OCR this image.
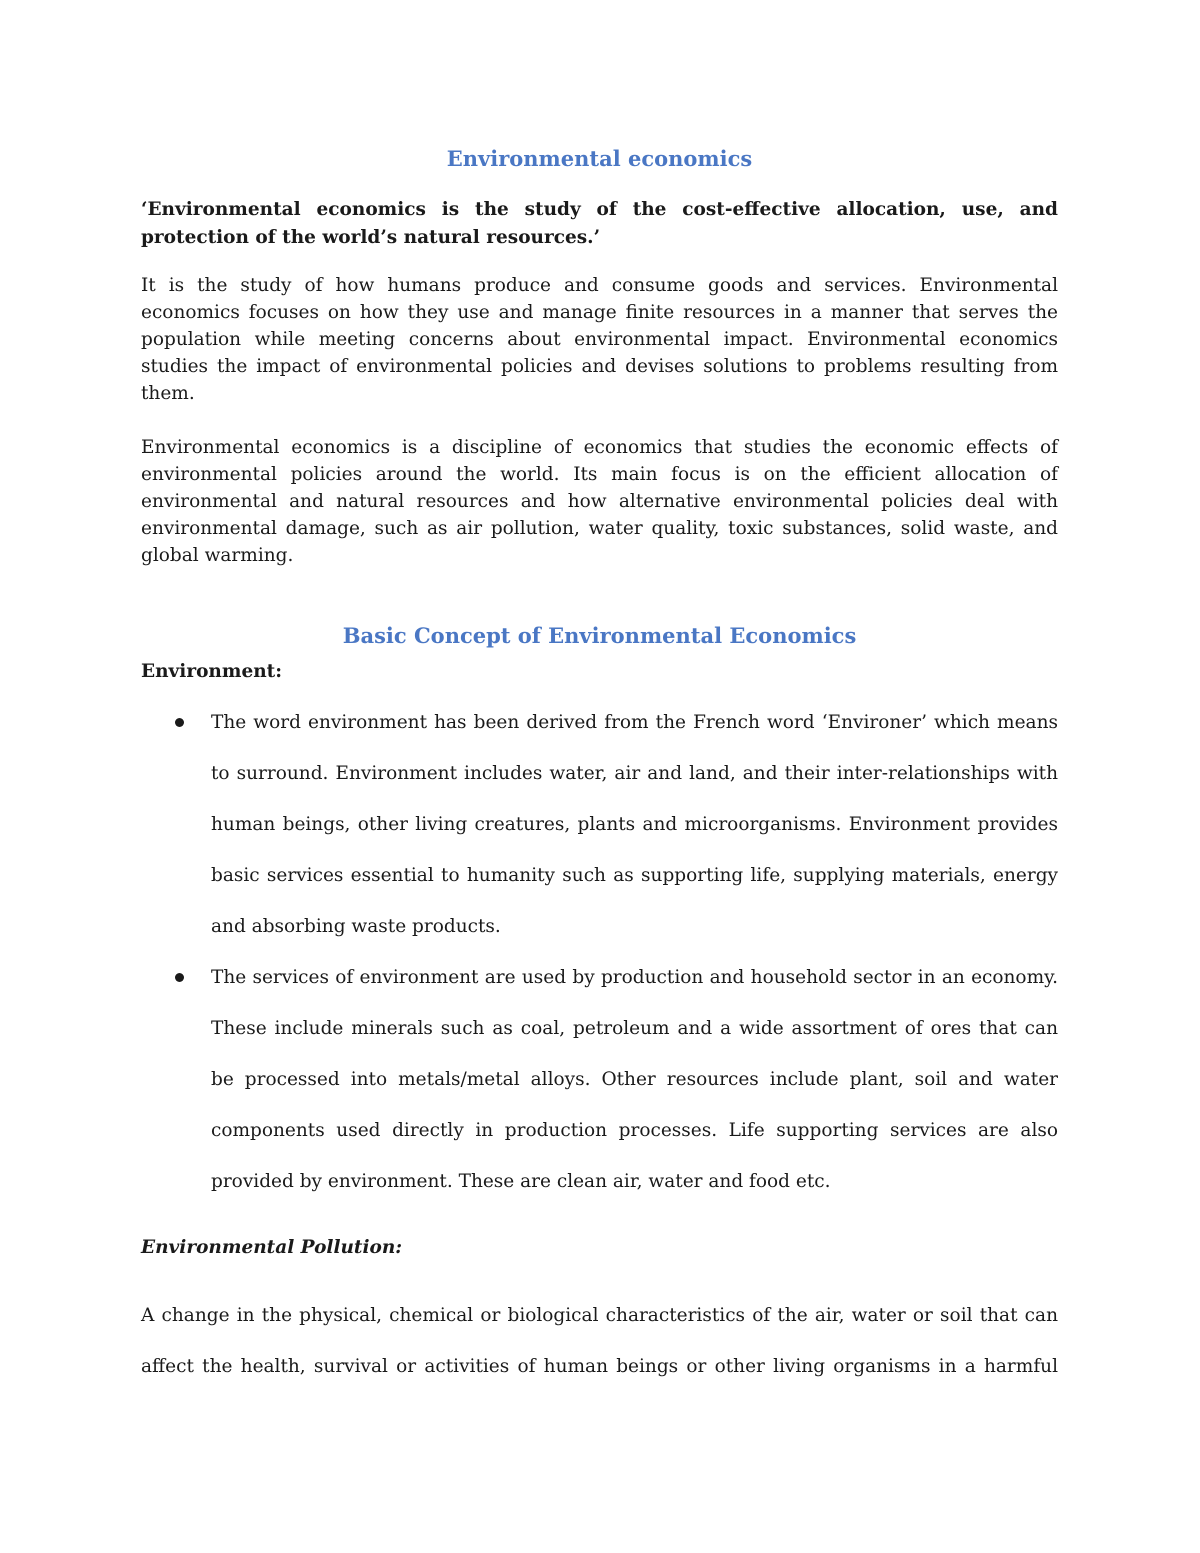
Environmental economics

‘Environmental economics is the study of the cost-effective allocation, use, and protection of the world’s natural resources.’

It is the study of how humans produce and consume goods and services. Environmental economics focuses on how they use and manage finite resources in a manner that serves the population while meeting concerns about environmental impact. Environmental economics studies the impact of environmental policies and devises solutions to problems resulting from them.

Environmental economics is a discipline of economics that studies the economic effects of environmental policies around the world. Its main focus is on the efficient allocation of environmental and natural resources and how alternative environmental policies deal with environmental damage, such as air pollution, water quality, toxic substances, solid waste, and global warming.

Basic Concept of Environmental Economics
Environment:
The word environment has been derived from the French word ‘Environer’ which means to surround. Environment includes water, air and land, and their inter-relationships with human beings, other living creatures, plants and microorganisms. Environment provides basic services essential to humanity such as supporting life, supplying materials, energy and absorbing waste products.
The services of environment are used by production and household sector in an economy. These include minerals such as coal, petroleum and a wide assortment of ores that can be processed into metals/metal alloys. Other resources include plant, soil and water components used directly in production processes. Life supporting services are also provided by environment. These are clean air, water and food etc.
Environmental Pollution:

A change in the physical, chemical or biological characteristics of the air, water or soil that can affect the health, survival or activities of human beings or other living organisms in a harmful
